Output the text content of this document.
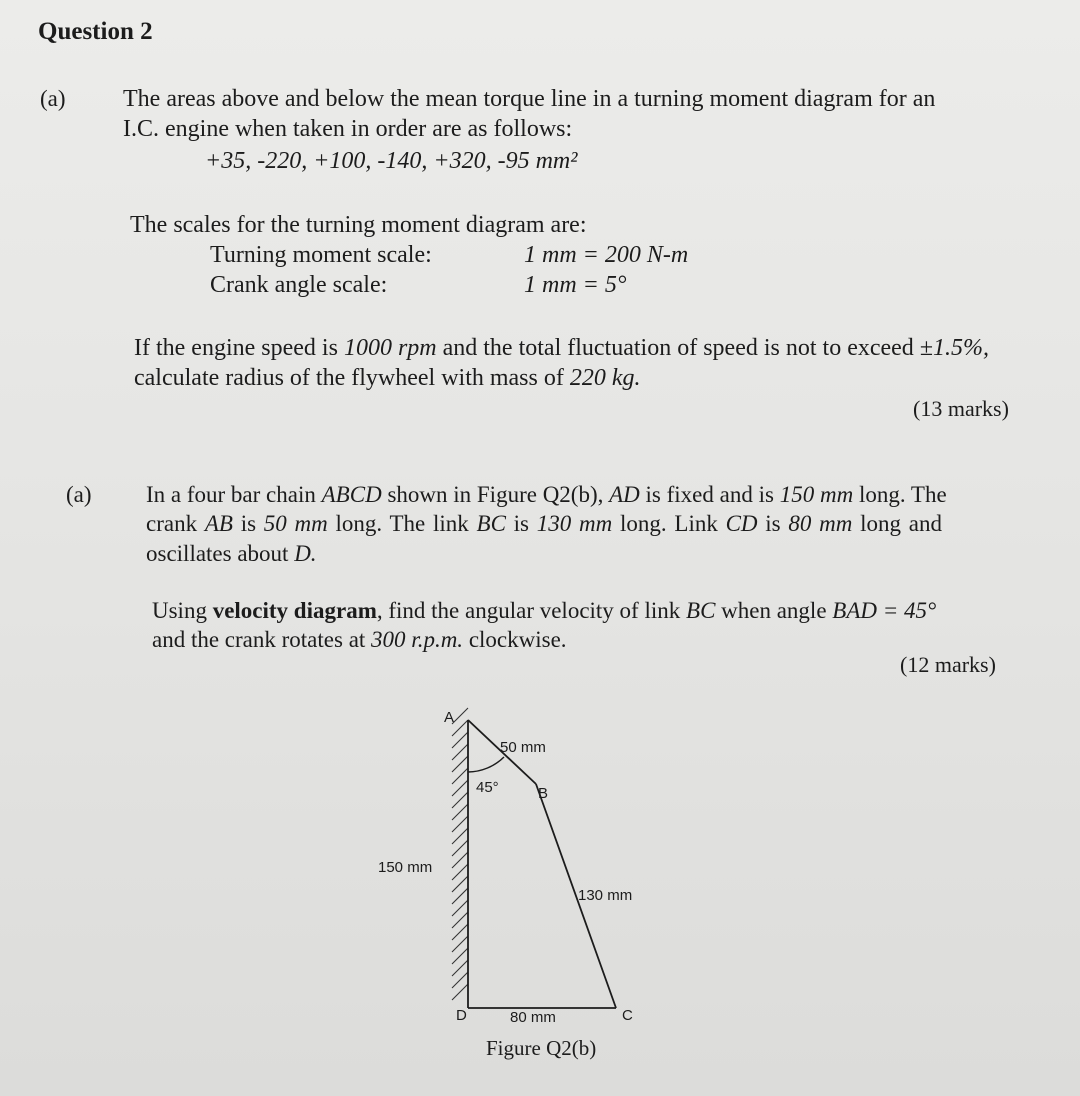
Question 2
(a) The areas above and below the mean torque line in a turning moment diagram for an
I.C. engine when taken in order are as follows:
+35, -220, +100, -140, +320, -95 mm²
The scales for the turning moment diagram are:
Turning moment scale:	1 mm = 200 N-m
Crank angle scale:	1 mm = 5°
If the engine speed is 1000 rpm and the total fluctuation of speed is not to exceed ±1.5%,
calculate radius of the flywheel with mass of 220 kg.
(13 marks)
(a) In a four bar chain ABCD shown in Figure Q2(b), AD is fixed and is 150 mm long. The
crank AB is 50 mm long. The link BC is 130 mm long. Link CD is 80 mm long and
oscillates about D.
Using velocity diagram, find the angular velocity of link BC when angle BAD = 45°
and the crank rotates at 300 r.p.m. clockwise.
(12 marks)
A
50 mm
45°	B
150 mm
130 mm
D	80 mm	C
Figure Q2(b)
